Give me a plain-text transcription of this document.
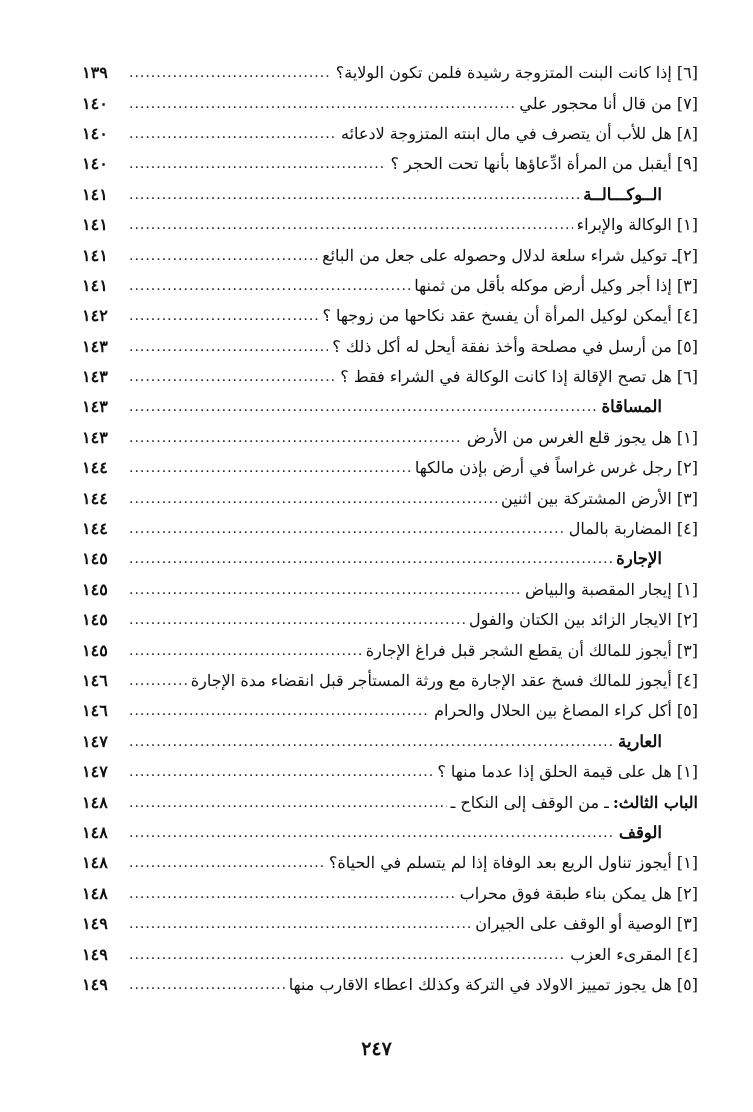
[٦] إذا كانت البنت المتزوجة رشيدة فلمن تكون الولاية؟
.....
١٣٩
[٧] من قال أنا محجور علي
.....
١٤٠
[٨] هل للأب أن يتصرف في مال ابنته المتزوجة لادعائه
.....
١٤٠
[٩] أيقبل من المرأة ادِّعاؤها بأنها تحت الحجر ؟
.....
١٤٠
الــوكـــالــة
.....
١٤١
[١] الوكالة والإبراء
.....
١٤١
[٢]ـ توكيل شراء سلعة لدلال وحصوله على جعل من البائع
.....
١٤١
[٣] إذا أجر وكيل أرض موكله بأقل من ثمنها
.....
١٤١
[٤] أيمكن لوكيل المرأة أن يفسخ عقد نكاحها من زوجها ؟
.....
١٤٢
[٥] من أرسل في مصلحة وأخذ نفقة أيحل له أكل ذلك ؟
.....
١٤٣
[٦] هل تصح الإقالة إذا كانت الوكالة في الشراء فقط ؟
.....
١٤٣
المساقاة
.....
١٤٣
[١] هل يجوز قلع الغرس من الأرض
.....
١٤٣
[٢] رجل غرس غراساً في أرض بإذن مالكها
.....
١٤٤
[٣] الأرض المشتركة بين اثنين
.....
١٤٤
[٤] المضاربة بالمال
.....
١٤٤
الإجارة
.....
١٤٥
[١] إيجار المقصبة والبياض
.....
١٤٥
[٢] الايجار الزائد بين الكتان والفول
.....
١٤٥
[٣] أيجوز للمالك أن يقطع الشجر قبل فراغ الإجارة
.....
١٤٥
[٤] أيجوز للمالك فسخ عقد الإجارة مع ورثة المستأجر قبل انقضاء مدة الإجارة
.....
١٤٦
[٥] أكل كراء المصاغ بين الحلال والحرام
.....
١٤٦
العارية
.....
١٤٧
[١] هل على قيمة الحلق إذا عدما منها ؟
.....
١٤٧
الباب الثالث:
ـ من الوقف إلى النكاح ـ
.....
١٤٨
الوقف
.....
١٤٨
[١] أيجوز تناول الريع بعد الوفاة إذا لم يتسلم في الحياة؟
.....
١٤٨
[٢] هل يمكن بناء طبقة فوق محراب
.....
١٤٨
[٣] الوصية أو الوقف على الجيران
.....
١٤٩
[٤] المقرىء العزب
.....
١٤٩
[٥] هل يجوز تمييز الاولاد في التركة وكذلك اعطاء الاقارب منها
.....
١٤٩
٢٤٧
